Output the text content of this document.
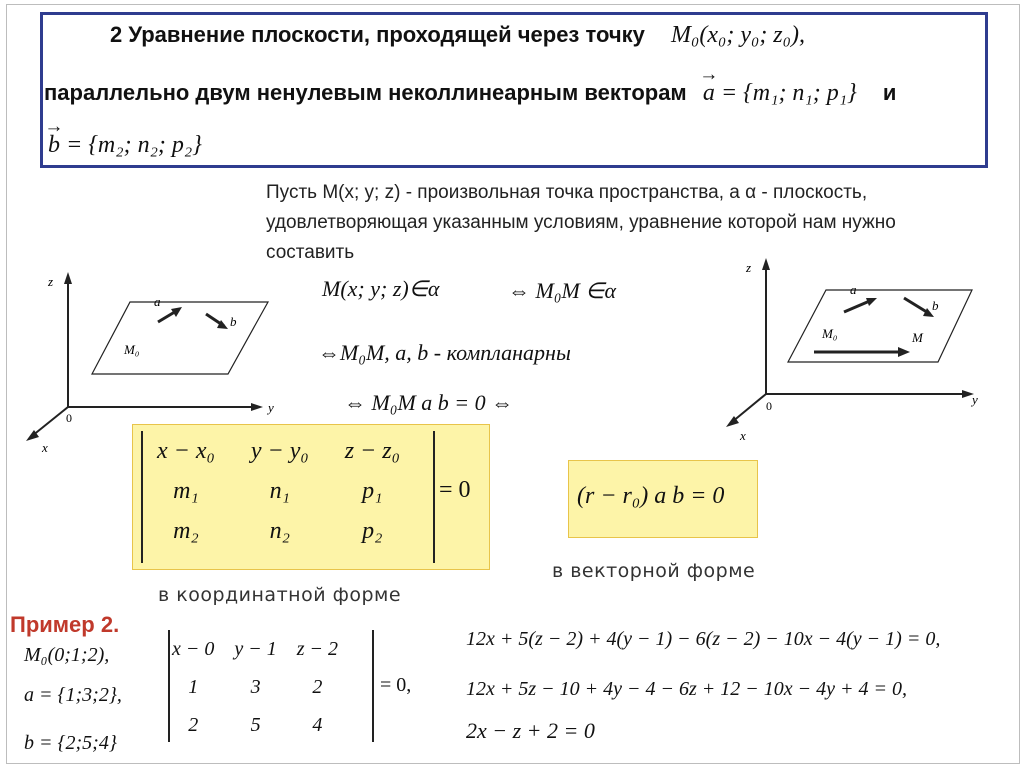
2 Уравнение плоскости, проходящей через точку M₀(x₀; y₀; z₀),
параллельно двум ненулевым неколлинеарным векторам → a = {m₁; n₁; p₁} и
→ b = {m₂; n₂; p₂}
Пусть M(x; y; z) - произвольная точка пространства, а α - плоскость,
удовлетворяющая указанным условиям, уравнение которой нам нужно
составить
M(x; y; z)∈α	⇔ M₀M ∈α
⇔M₀M, a, b - компланарны
⇔ M₀M a b = 0 ⇔
z
y
x
0
a
b
M₀
z
y
x
0
a
b
M₀	M
x − x₀	y − y₀	z − z₀
m₁	n₁	p₁
m₂	n₂	p₂
= 0
в координатной форме
(r − r₀) a b = 0
в векторной форме
Пример 2.
M₀(0;1;2),
a = {1;3;2},
b = {2;5;4}
x − 0	y − 1	z − 2
1	3	2
2	5	4
= 0,
12x + 5(z − 2) + 4(y − 1) − 6(z − 2) − 10x − 4(y − 1) = 0,
12x + 5z − 10 + 4y − 4 − 6z + 12 − 10x − 4y + 4 = 0,
2x − z + 2 = 0
